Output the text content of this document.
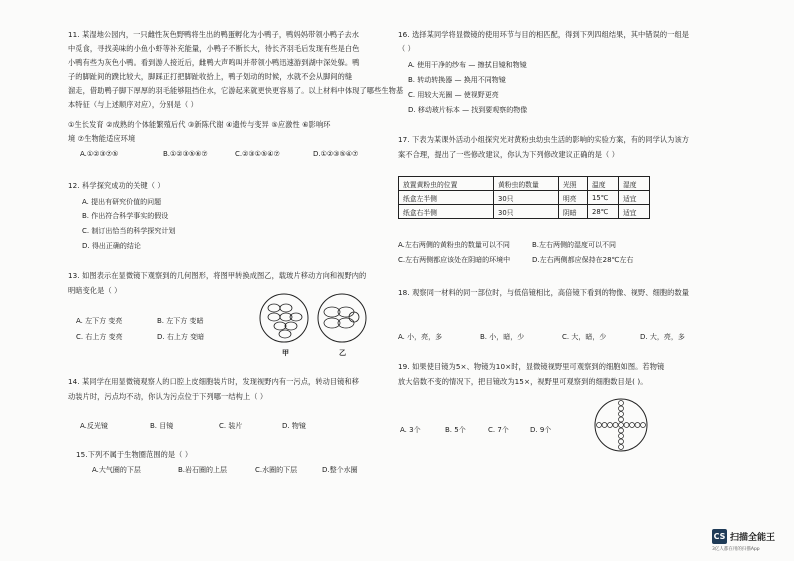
11. 某湿地公园内，一只雌性灰色野鸭将生出的鸭蛋孵化为小鸭子，鸭妈妈带领小鸭子去水
中觅食，寻找美味的小鱼小虾等补充能量，小鸭子不断长大，待长齐羽毛后发现有些是白色
小鸭有些为灰色小鸭。看到游人接近后，雌鸭大声鸣叫并带领小鸭迅速游到湖中深处躲。鸭
子的脚趾间的蹼比较大，脚踩正打把脚趾收拾上，鸭子划动的时候，水就不会从脚间的缝
溜走，借助鸭子脚下厚厚的羽毛能够阻挡住水，它游起来就更快更容易了。以上材料中体现了哪些生物基
本特征（与上述顺序对应），分别是（ ）
①生长发育 ②成熟的个体能繁殖后代 ③新陈代谢 ④遗传与变异 ⑤应激性 ⑥影响环
境 ⑦生物能适应环境
A.①②③⑦⑤	B.①②③⑤⑥⑦	C.②③①⑤④⑦	D.①②③⑤④⑦
12. 科学探究成功的关键（ ）
A. 提出有研究价值的问题
B. 作出符合科学事实的假设
C. 制订出恰当的科学探究计划
D. 得出正确的结论
13. 如图表示在显微镜下观察到的几何图形，将图甲转换成图乙，载玻片移动方向和视野内的
明暗变化是（ ）
A. 左下方 变亮	B. 左下方 变暗
C. 右上方 变亮	D. 右上方 变暗
甲	乙
14. 某同学在用显微镜观察人的口腔上皮细胞装片时，发现视野内有一污点，转动目镜和移
动装片时，污点均不动，你认为污点位于下列哪一结构上（ ）
A.反光镜	B. 目镜	C. 装片	D. 物镜
15.下列不属于生物圈范围的是（ ）
A.大气圈的下层	B.岩石圈的上层	C.水圈的下层	D.整个水圈
16. 选择某同学将显微镜的使用环节与目的相匹配，得到下列四组结果，其中错误的一组是
（ ）
A. 使用干净的纱布 — 擦拭目镜和物镜
B. 转动转换器 — 换用不同物镜
C. 用较大光圈 — 使视野更亮
D. 移动玻片标本 — 找到要观察的物像
17. 下表为某课外活动小组探究光对黄粉虫幼虫生活的影响的实验方案，有的同学认为该方
案不合理，提出了一些修改建议，你认为下列修改建议正确的是（ ）
放置黄粉虫的位置	黄粉虫的数量	光照	温度	湿度
纸盒左半侧	30只	明亮	15℃	适宜
纸盒右半侧	30只	阴暗	28℃	适宜
A.左右两侧的黄粉虫的数量可以不同	B.左右两侧的湿度可以不同
C.左右两侧都应该处在阴暗的环境中	D.左右两侧都应保持在28℃左右
18. 观察同一材料的同一部位时，与低倍镜相比，高倍镜下看到的物像、视野、细胞的数量
A. 小，亮，多	B. 小，暗，少	C. 大，暗，少	D. 大，亮，多
19. 如果使目镜为5×、物镜为10×时，显微镜视野里可观察到的细胞如图。若物镜
放大倍数不变的情况下，把目镜改为15×，视野里可观察到的细胞数目是( )。
A. 3个	B. 5个	C. 7个	D. 9个
CS 扫描全能王
3亿人都在用的扫描App
